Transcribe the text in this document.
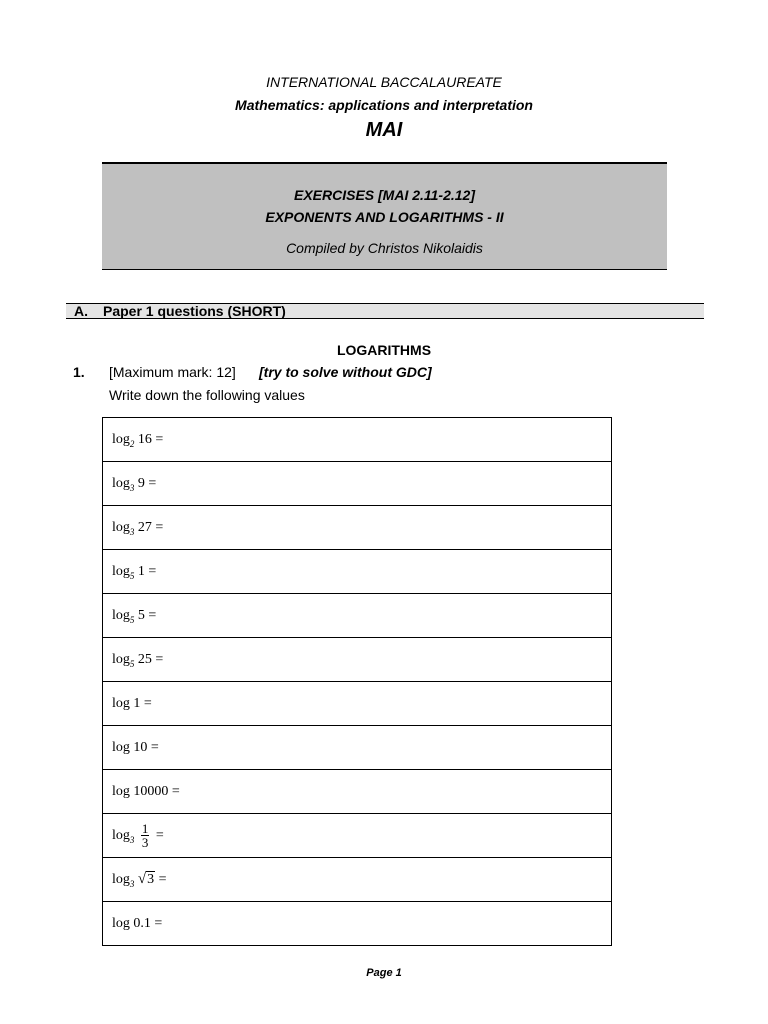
INTERNATIONAL BACCALAUREATE
Mathematics: applications and interpretation
MAI
EXERCISES [MAI 2.11-2.12]
EXPONENTS AND LOGARITHMS - II
Compiled by Christos Nikolaidis
A. Paper 1 questions (SHORT)
LOGARITHMS
1. [Maximum mark: 12] [try to solve without GDC]
Write down the following values
$\log_2 16$ =
$\log_3 9$ =
$\log_3 27$ =
$\log_5 1$ =
$\log_5 5$ =
$\log_5 25$ =
log 1 =
log 10 =
log 10000 =
$\log_3 \frac{1}{3}$ =
$\log_3 √3$ =
log 0.1 =
Page 1
